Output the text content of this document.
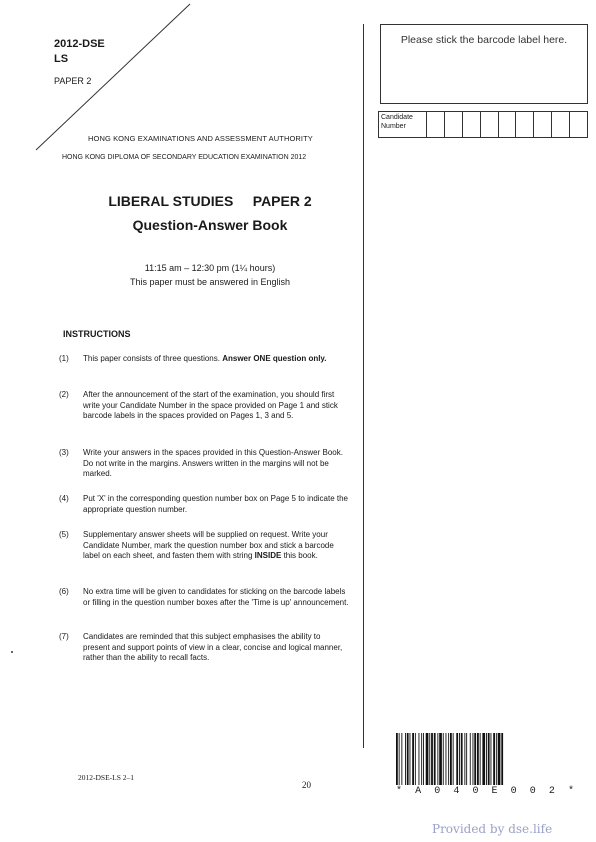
2012-DSE
LS
PAPER 2
HONG KONG EXAMINATIONS AND ASSESSMENT AUTHORITY
HONG KONG DIPLOMA OF SECONDARY EDUCATION EXAMINATION 2012
LIBERAL STUDIES     PAPER 2
Question-Answer Book
11:15 am – 12:30 pm (1¼ hours)
This paper must be answered in English
INSTRUCTIONS
(1)	This paper consists of three questions. Answer ONE question only.
(2)	After the announcement of the start of the examination, you should first write your Candidate Number in the space provided on Page 1 and stick barcode labels in the spaces provided on Pages 1, 3 and 5.
(3)	Write your answers in the spaces provided in this Question-Answer Book. Do not write in the margins. Answers written in the margins will not be marked.
(4)	Put 'X' in the corresponding question number box on Page 5 to indicate the appropriate question number.
(5)	Supplementary answer sheets will be supplied on request. Write your Candidate Number, mark the question number box and stick a barcode label on each sheet, and fasten them with string INSIDE this book.
(6)	No extra time will be given to candidates for sticking on the barcode labels or filling in the question number boxes after the 'Time is up' announcement.
(7)	Candidates are reminded that this subject emphasises the ability to present and support points of view in a clear, concise and logical manner, rather than the ability to recall facts.
Please stick the barcode label here.
Candidate Number
2012-DSE-LS 2–1
20
* A 0 4 0 E 0 0 2 *
Provided by dse.life
